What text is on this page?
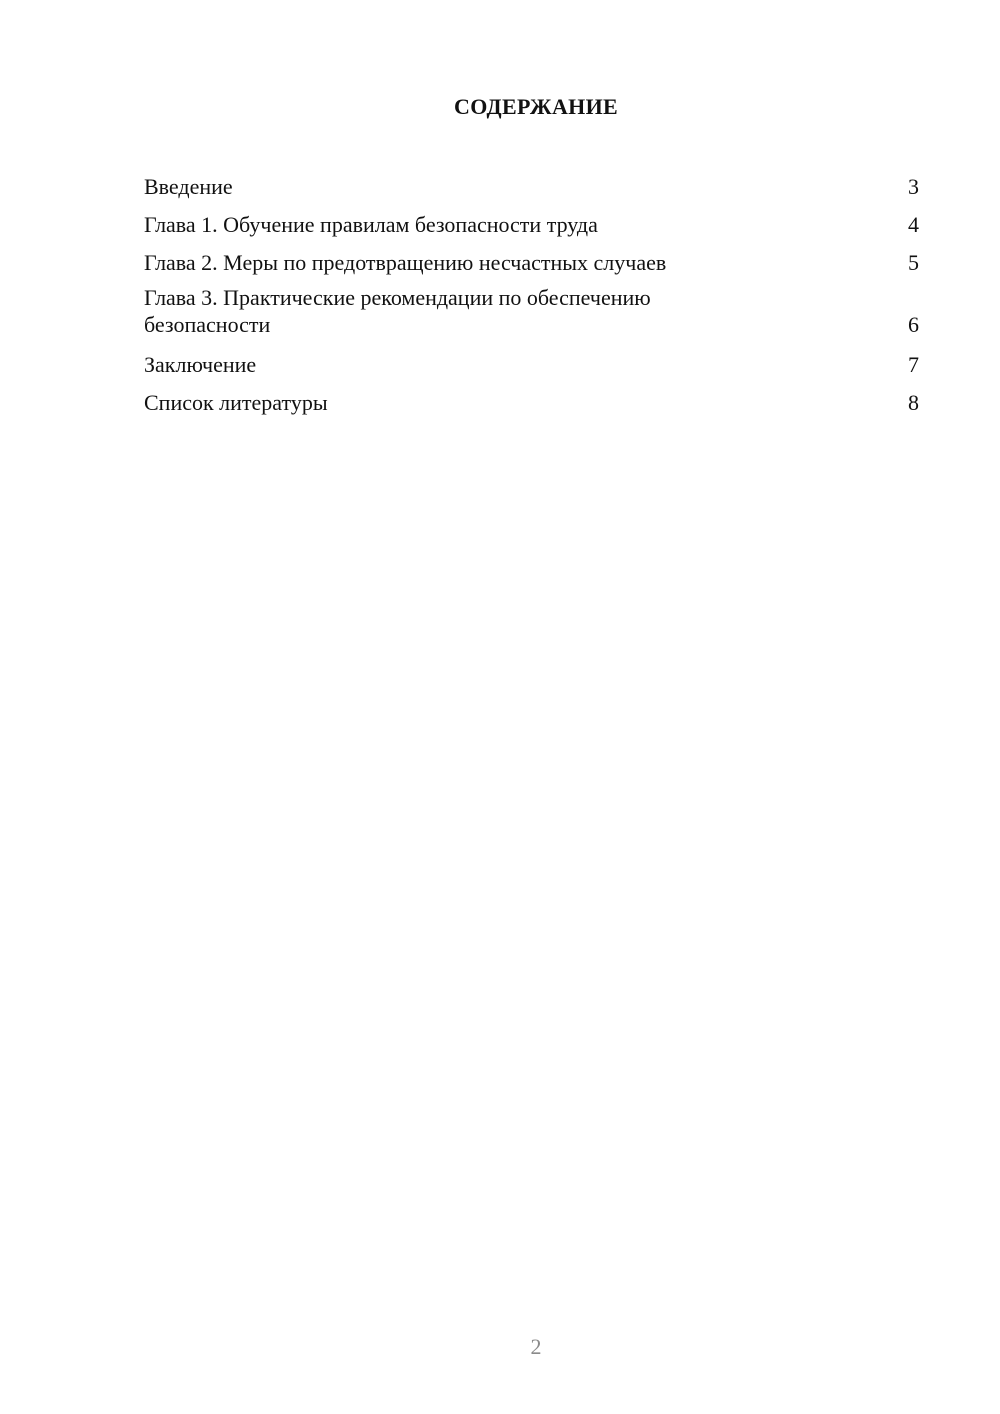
СОДЕРЖАНИЕ
Введение	3
Глава 1. Обучение правилам безопасности труда	4
Глава 2. Меры по предотвращению несчастных случаев	5
Глава 3. Практические рекомендации по обеспечению безопасности	6
Заключение	7
Список литературы	8
2
